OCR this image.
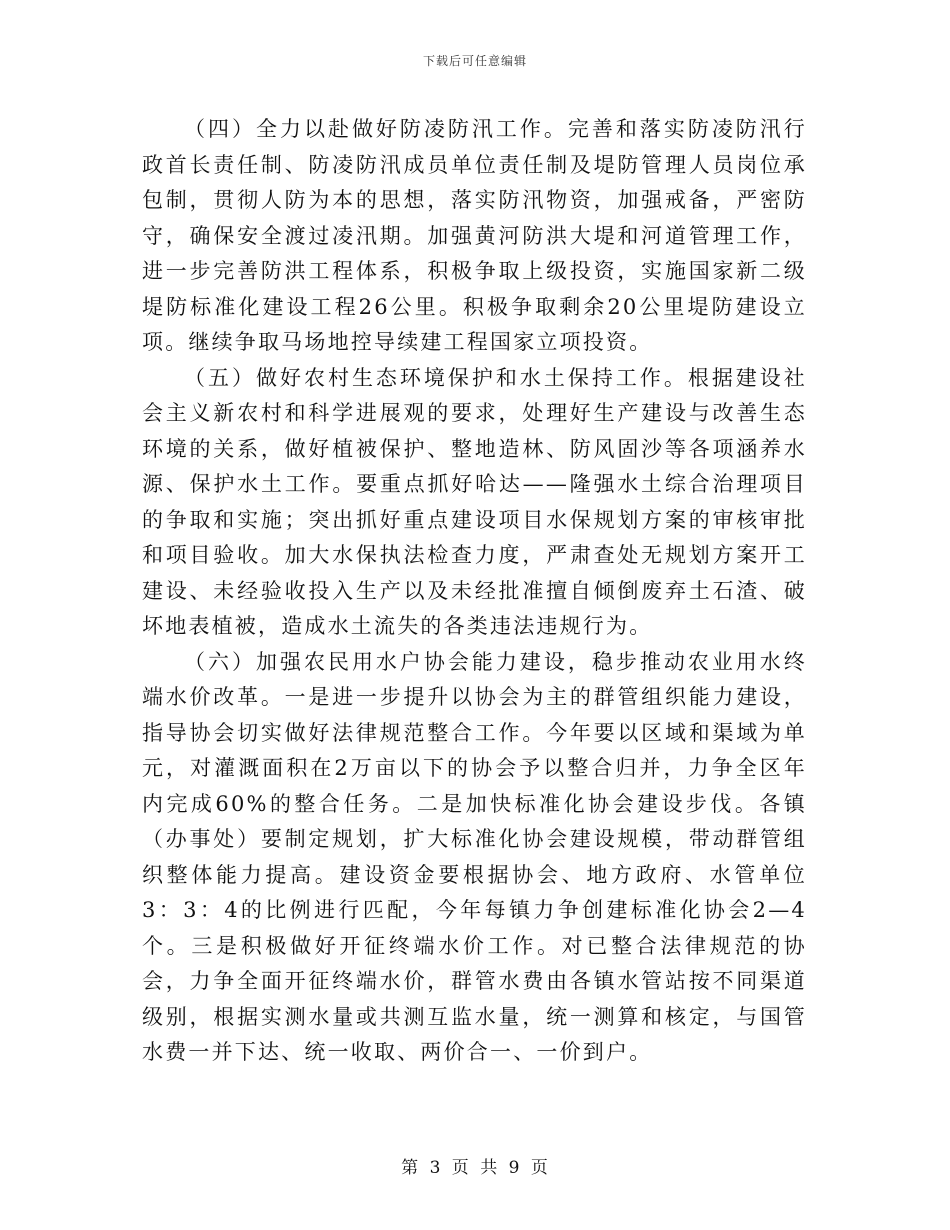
下载后可任意编辑

（四）全力以赴做好防凌防汛工作。完善和落实防凌防汛行政首长责任制、防凌防汛成员单位责任制及堤防管理人员岗位承包制，贯彻人防为本的思想，落实防汛物资，加强戒备，严密防守，确保安全渡过凌汛期。加强黄河防洪大堤和河道管理工作，进一步完善防洪工程体系，积极争取上级投资，实施国家新二级堤防标准化建设工程26公里。积极争取剩余20公里堤防建设立项。继续争取马场地控导续建工程国家立项投资。

（五）做好农村生态环境保护和水土保持工作。根据建设社会主义新农村和科学进展观的要求，处理好生产建设与改善生态环境的关系，做好植被保护、整地造林、防风固沙等各项涵养水源、保护水土工作。要重点抓好哈达——隆强水土综合治理项目的争取和实施；突出抓好重点建设项目水保规划方案的审核审批和项目验收。加大水保执法检查力度，严肃查处无规划方案开工建设、未经验收投入生产以及未经批准擅自倾倒废弃土石渣、破坏地表植被，造成水土流失的各类违法违规行为。

（六）加强农民用水户协会能力建设，稳步推动农业用水终端水价改革。一是进一步提升以协会为主的群管组织能力建设，指导协会切实做好法律规范整合工作。今年要以区域和渠域为单元，对灌溉面积在2万亩以下的协会予以整合归并，力争全区年内完成60%的整合任务。二是加快标准化协会建设步伐。各镇（办事处）要制定规划，扩大标准化协会建设规模，带动群管组织整体能力提高。建设资金要根据协会、地方政府、水管单位3：3：4的比例进行匹配，今年每镇力争创建标准化协会2—4个。三是积极做好开征终端水价工作。对已整合法律规范的协会，力争全面开征终端水价，群管水费由各镇水管站按不同渠道级别，根据实测水量或共测互监水量，统一测算和核定，与国管水费一并下达、统一收取、两价合一、一价到户。

第 3 页 共 9 页
